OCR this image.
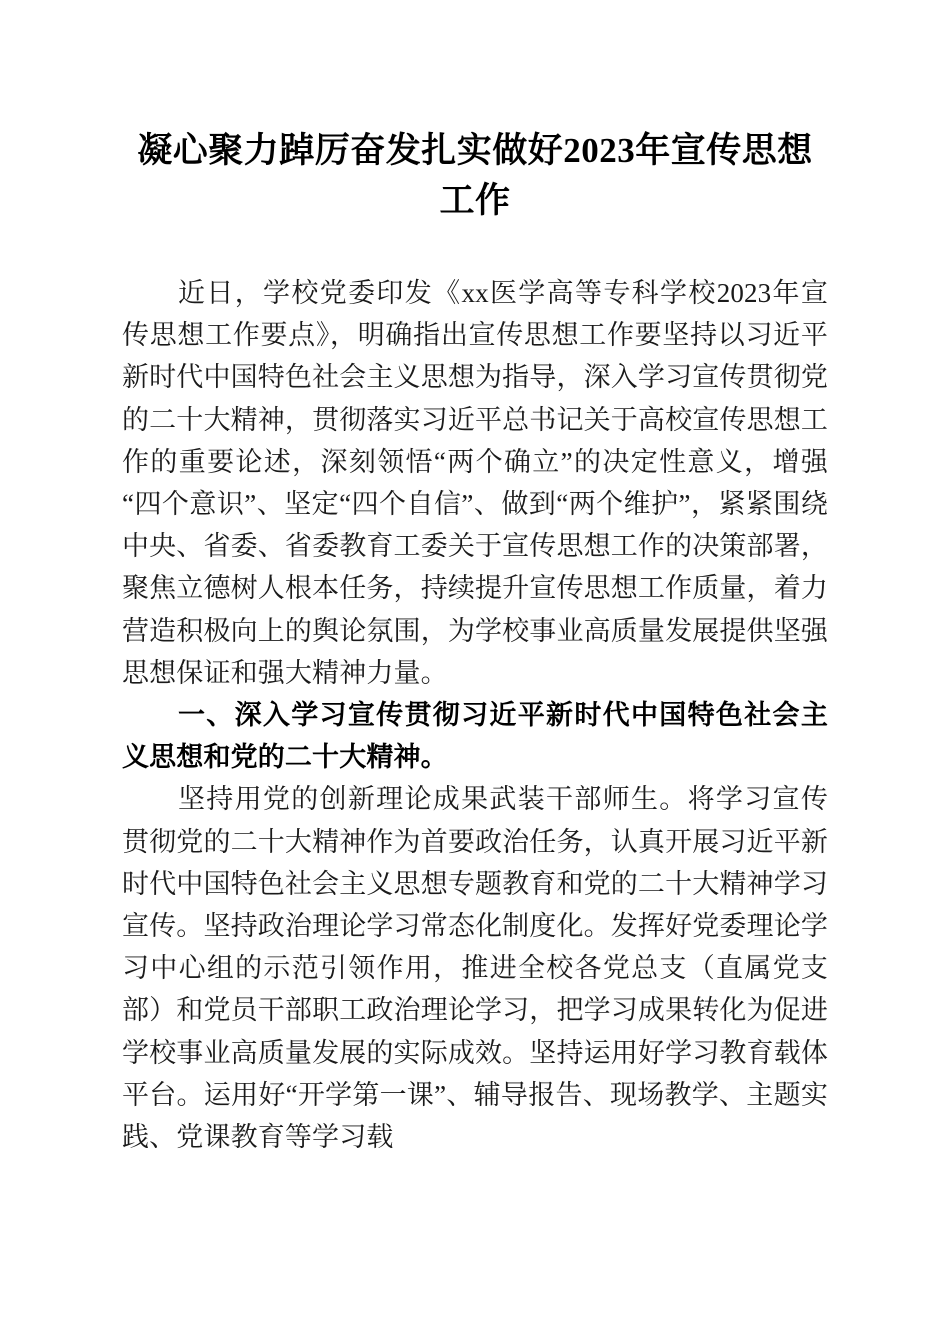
凝心聚力踔厉奋发扎实做好2023年宣传思想工作

近日，学校党委印发《xx医学高等专科学校2023年宣传思想工作要点》，明确指出宣传思想工作要坚持以习近平新时代中国特色社会主义思想为指导，深入学习宣传贯彻党的二十大精神，贯彻落实习近平总书记关于高校宣传思想工作的重要论述，深刻领悟“两个确立”的决定性意义，增强“四个意识”、坚定“四个自信”、做到“两个维护”，紧紧围绕中央、省委、省委教育工委关于宣传思想工作的决策部署，聚焦立德树人根本任务，持续提升宣传思想工作质量，着力营造积极向上的舆论氛围，为学校事业高质量发展提供坚强思想保证和强大精神力量。

一、深入学习宣传贯彻习近平新时代中国特色社会主义思想和党的二十大精神。

坚持用党的创新理论成果武装干部师生。将学习宣传贯彻党的二十大精神作为首要政治任务，认真开展习近平新时代中国特色社会主义思想专题教育和党的二十大精神学习宣传。坚持政治理论学习常态化制度化。发挥好党委理论学习中心组的示范引领作用，推进全校各党总支（直属党支部）和党员干部职工政治理论学习，把学习成果转化为促进学校事业高质量发展的实际成效。坚持运用好学习教育载体平台。运用好“开学第一课”、辅导报告、现场教学、主题实践、党课教育等学习载
